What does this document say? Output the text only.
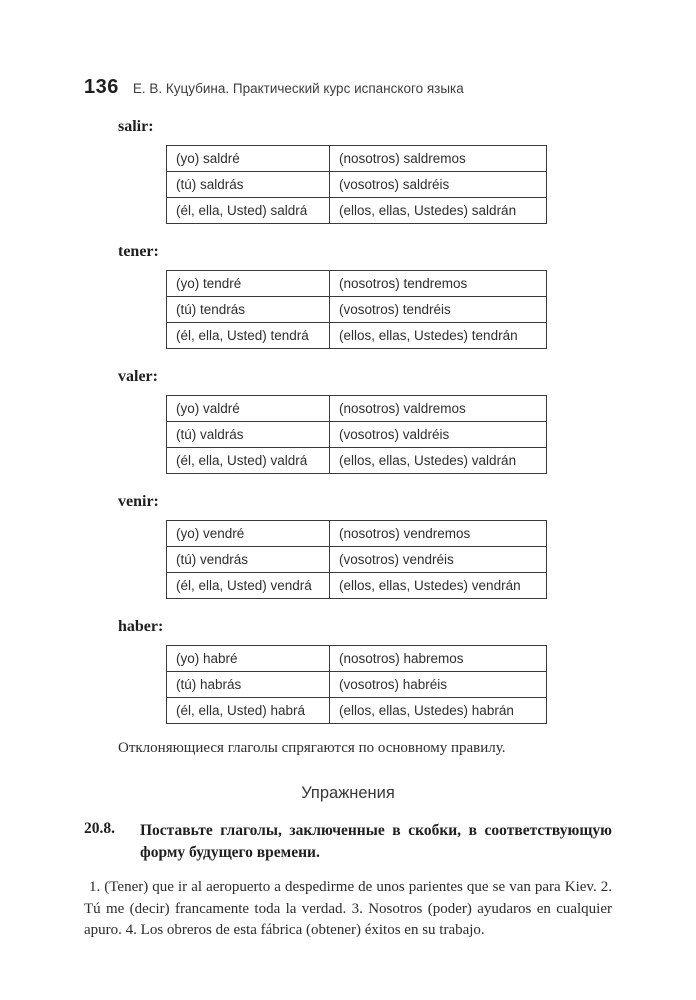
136 Е. В. Куцубина. Практический курс испанского языка

salir:

(yo) saldré	(nosotros) saldremos
(tú) saldrás	(vosotros) saldréis
(él, ella, Usted) saldrá	(ellos, ellas, Ustedes) saldrán

tener:

(yo) tendré	(nosotros) tendremos
(tú) tendrás	(vosotros) tendréis
(él, ella, Usted) tendrá	(ellos, ellas, Ustedes) tendrán

valer:

(yo) valdré	(nosotros) valdremos
(tú) valdrás	(vosotros) valdréis
(él, ella, Usted) valdrá	(ellos, ellas, Ustedes) valdrán

venir:

(yo) vendré	(nosotros) vendremos
(tú) vendrás	(vosotros) vendréis
(él, ella, Usted) vendrá	(ellos, ellas, Ustedes) vendrán

haber:

(yo) habré	(nosotros) habremos
(tú) habrás	(vosotros) habréis
(él, ella, Usted) habrá	(ellos, ellas, Ustedes) habrán

Отклоняющиеся глаголы спрягаются по основному правилу.

Упражнения

20.8.	Поставьте глаголы, заключенные в скобки, в соответствующую форму будущего времени.

1. (Tener) que ir al aeropuerto a despedirme de unos parientes que se van para Kiev. 2. Tú me (decir) francamente toda la verdad. 3. Nosotros (poder) ayudaros en cualquier apuro. 4. Los obreros de esta fábrica (obtener) éxitos en su trabajo.
